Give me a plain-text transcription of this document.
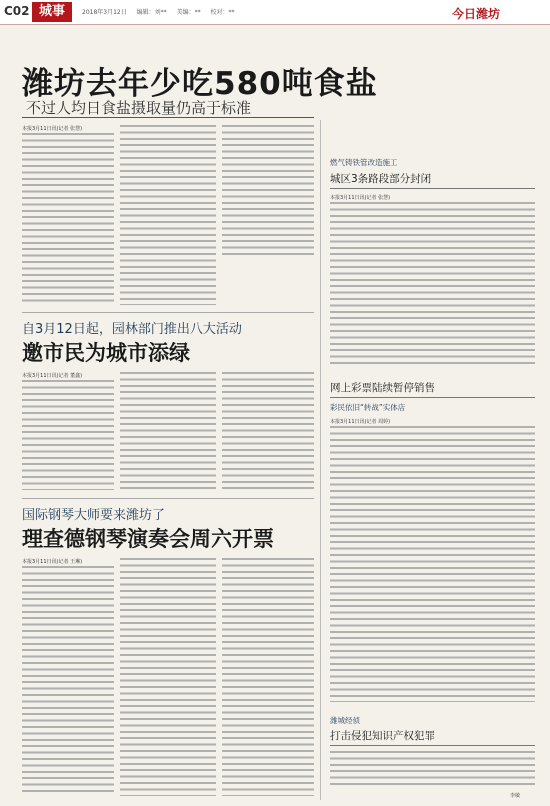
C02 城事	2018年3月12日 编辑：刘** 美编：** 校对：**	今日潍坊
潍坊去年少吃580吨食盐
不过人均日食盐摄取量仍高于标准
本报3月11日讯(记者 张慧)
自3月12日起，园林部门推出八大活动
邀市民为城市添绿
本报3月11日讯(记者 董鑫)
国际钢琴大师要来潍坊了
理查德钢琴演奏会周六开票
本报3月11日讯(记者 王琳)
燃气铸铁管改造施工
城区3条路段部分封闭
本报3月11日讯(记者 张慧)
网上彩票陆续暂停销售
彩民依旧“转战”实体店
本报3月11日讯(记者 周婷)
潍城经侦
打击侵犯知识产权犯罪
李敏
